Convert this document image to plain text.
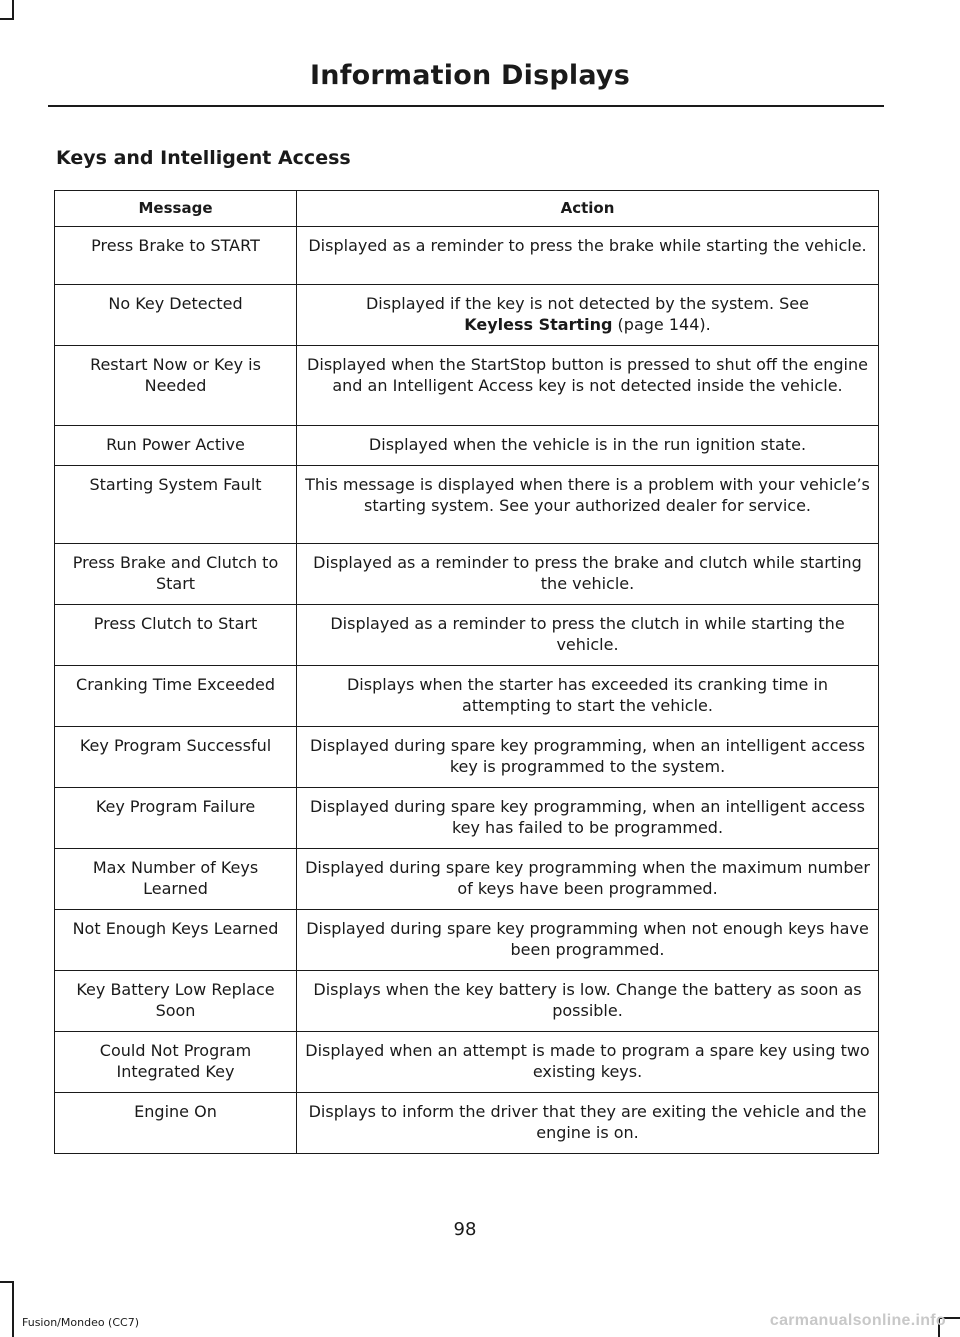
Information Displays
Keys and Intelligent Access
Message	Action
Press Brake to START	Displayed as a reminder to press the brake while starting the vehicle.
No Key Detected	Displayed if the key is not detected by the system. See
Keyless Starting (page 144).
Restart Now or Key is Needed	Displayed when the StartStop button is pressed to shut off the engine and an Intelligent Access key is not detected inside the vehicle.
Run Power Active	Displayed when the vehicle is in the run ignition state.
Starting System Fault	This message is displayed when there is a problem with your vehicle’s starting system. See your authorized dealer for service.
Press Brake and Clutch to Start	Displayed as a reminder to press the brake and clutch while starting the vehicle.
Press Clutch to Start	Displayed as a reminder to press the clutch in while starting the vehicle.
Cranking Time Exceeded	Displays when the starter has exceeded its cranking time in attempting to start the vehicle.
Key Program Successful	Displayed during spare key programming, when an intelligent access key is programmed to the system.
Key Program Failure	Displayed during spare key programming, when an intelligent access key has failed to be programmed.
Max Number of Keys Learned	Displayed during spare key programming when the maximum number of keys have been programmed.
Not Enough Keys Learned	Displayed during spare key programming when not enough keys have been programmed.
Key Battery Low Replace Soon	Displays when the key battery is low. Change the battery as soon as possible.
Could Not Program Integrated Key	Displayed when an attempt is made to program a spare key using two existing keys.
Engine On	Displays to inform the driver that they are exiting the vehicle and the engine is on.
98
Fusion/Mondeo (CC7)	carmanualsonline.info
